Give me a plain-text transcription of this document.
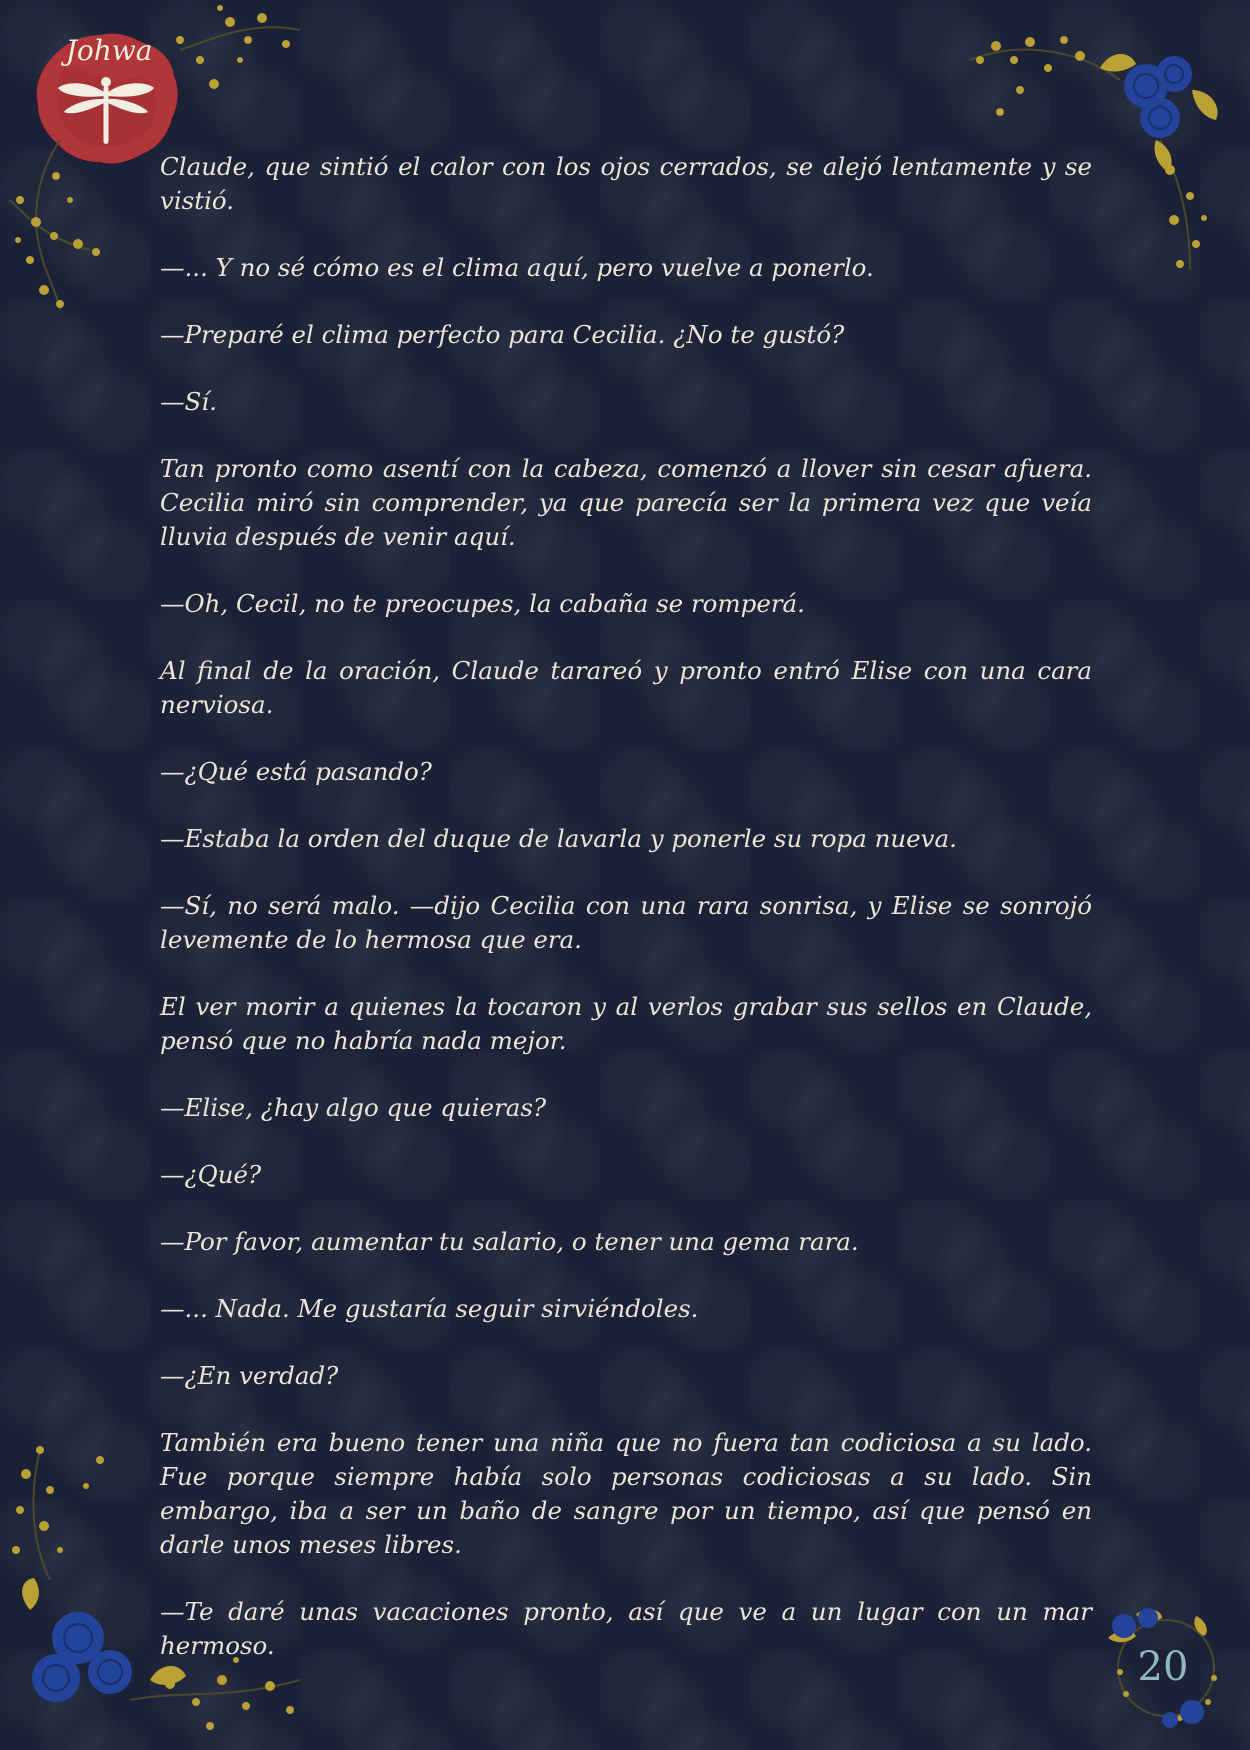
Johwa

Claude, que sintió el calor con los ojos cerrados, se alejó lentamente y se vistió.

—... Y no sé cómo es el clima aquí, pero vuelve a ponerlo.

—Preparé el clima perfecto para Cecilia. ¿No te gustó?

—Sí.

Tan pronto como asentí con la cabeza, comenzó a llover sin cesar afuera. Cecilia miró sin comprender, ya que parecía ser la primera vez que veía lluvia después de venir aquí.

—Oh, Cecil, no te preocupes, la cabaña se romperá.

Al final de la oración, Claude tarareó y pronto entró Elise con una cara nerviosa.

—¿Qué está pasando?

—Estaba la orden del duque de lavarla y ponerle su ropa nueva.

—Sí, no será malo. —dijo Cecilia con una rara sonrisa, y Elise se sonrojó levemente de lo hermosa que era.

El ver morir a quienes la tocaron y al verlos grabar sus sellos en Claude, pensó que no habría nada mejor.

—Elise, ¿hay algo que quieras?

—¿Qué?

—Por favor, aumentar tu salario, o tener una gema rara.

—... Nada. Me gustaría seguir sirviéndoles.

—¿En verdad?

También era bueno tener una niña que no fuera tan codiciosa a su lado. Fue porque siempre había solo personas codiciosas a su lado. Sin embargo, iba a ser un baño de sangre por un tiempo, así que pensó en darle unos meses libres.

—Te daré unas vacaciones pronto, así que ve a un lugar con un mar hermoso.	20
